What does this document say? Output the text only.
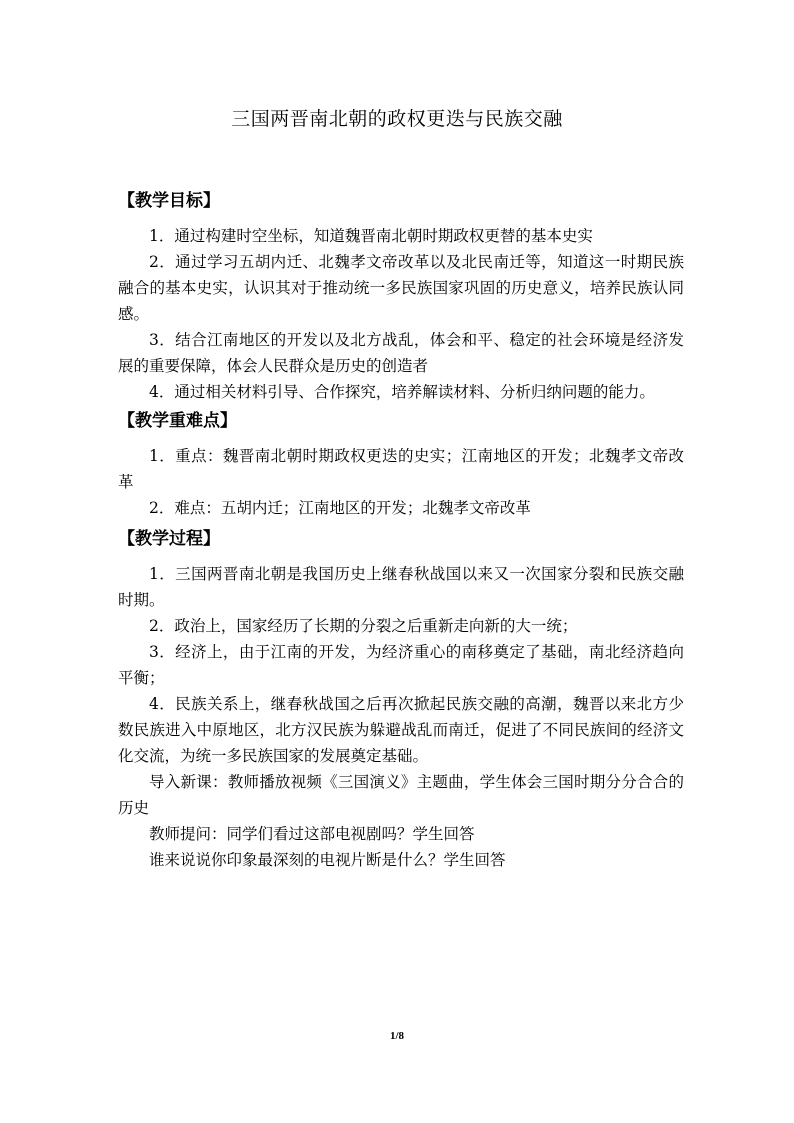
三国两晋南北朝的政权更迭与民族交融
【教学目标】

1．通过构建时空坐标，知道魏晋南北朝时期政权更替的基本史实

2．通过学习五胡内迁、北魏孝文帝改革以及北民南迁等，知道这一时期民族融合的基本史实，认识其对于推动统一多民族国家巩固的历史意义，培养民族认同感。

3．结合江南地区的开发以及北方战乱，体会和平、稳定的社会环境是经济发展的重要保障，体会人民群众是历史的创造者

4．通过相关材料引导、合作探究，培养解读材料、分析归纳问题的能力。

【教学重难点】

1．重点：魏晋南北朝时期政权更迭的史实；江南地区的开发；北魏孝文帝改革

2．难点：五胡内迁；江南地区的开发；北魏孝文帝改革

【教学过程】

1．三国两晋南北朝是我国历史上继春秋战国以来又一次国家分裂和民族交融时期。

2．政治上，国家经历了长期的分裂之后重新走向新的大一统；

3．经济上，由于江南的开发，为经济重心的南移奠定了基础，南北经济趋向平衡；

4．民族关系上，继春秋战国之后再次掀起民族交融的高潮，魏晋以来北方少数民族进入中原地区，北方汉民族为躲避战乱而南迁，促进了不同民族间的经济文化交流，为统一多民族国家的发展奠定基础。

导入新课：教师播放视频《三国演义》主题曲，学生体会三国时期分分合合的历史

教师提问：同学们看过这部电视剧吗？学生回答

谁来说说你印象最深刻的电视片断是什么？学生回答

1/8
